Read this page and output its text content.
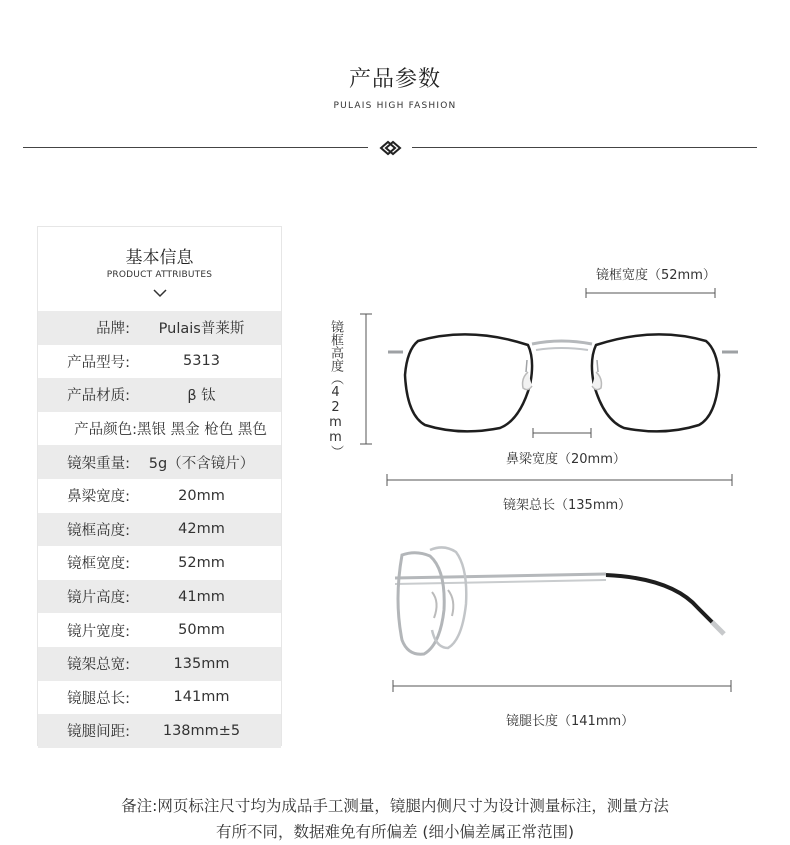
产品参数
PULAIS HIGH FASHION
基本信息
PRODUCT ATTRIBUTES
品牌:	Pulais普莱斯
产品型号:	5313
产品材质:	β 钛
产品颜色: 黑银 黑金 枪色 黑色
镜架重量:	5g（不含镜片）
鼻梁宽度:	20mm
镜框高度:	42mm
镜框宽度:	52mm
镜片高度:	41mm
镜片宽度:	50mm
镜架总宽:	135mm
镜腿总长:	141mm
镜腿间距:	138mm±5
镜框宽度（52mm）
镜框高度（42mm）
鼻梁宽度（20mm）
镜架总长（135mm）
镜腿长度（141mm）
备注:网页标注尺寸均为成品手工测量，镜腿内侧尺寸为设计测量标注，测量方法
有所不同，数据难免有所偏差 (细小偏差属正常范围)
